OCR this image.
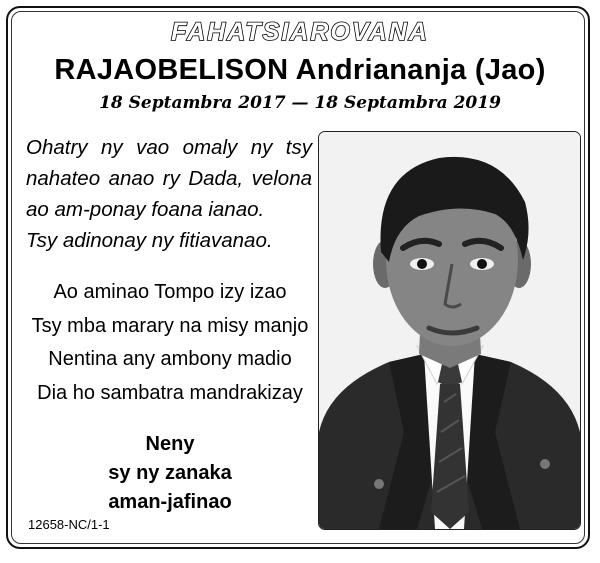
FAHATSIAROVANA
RAJAOBELISON Andriananja (Jao)
18 Septambra 2017 — 18 Septambra 2019
Ohatry ny vao omaly ny tsy
nahateo anao ry Dada, velona
ao am-ponay foana ianao.
Tsy adinonay ny fitiavanao.
Ao aminao Tompo izy izao
Tsy mba marary na misy manjo
Nentina any ambony madio
Dia ho sambatra mandrakizay
Neny
sy ny zanaka
aman-jafinao
12658-NC/1-1
